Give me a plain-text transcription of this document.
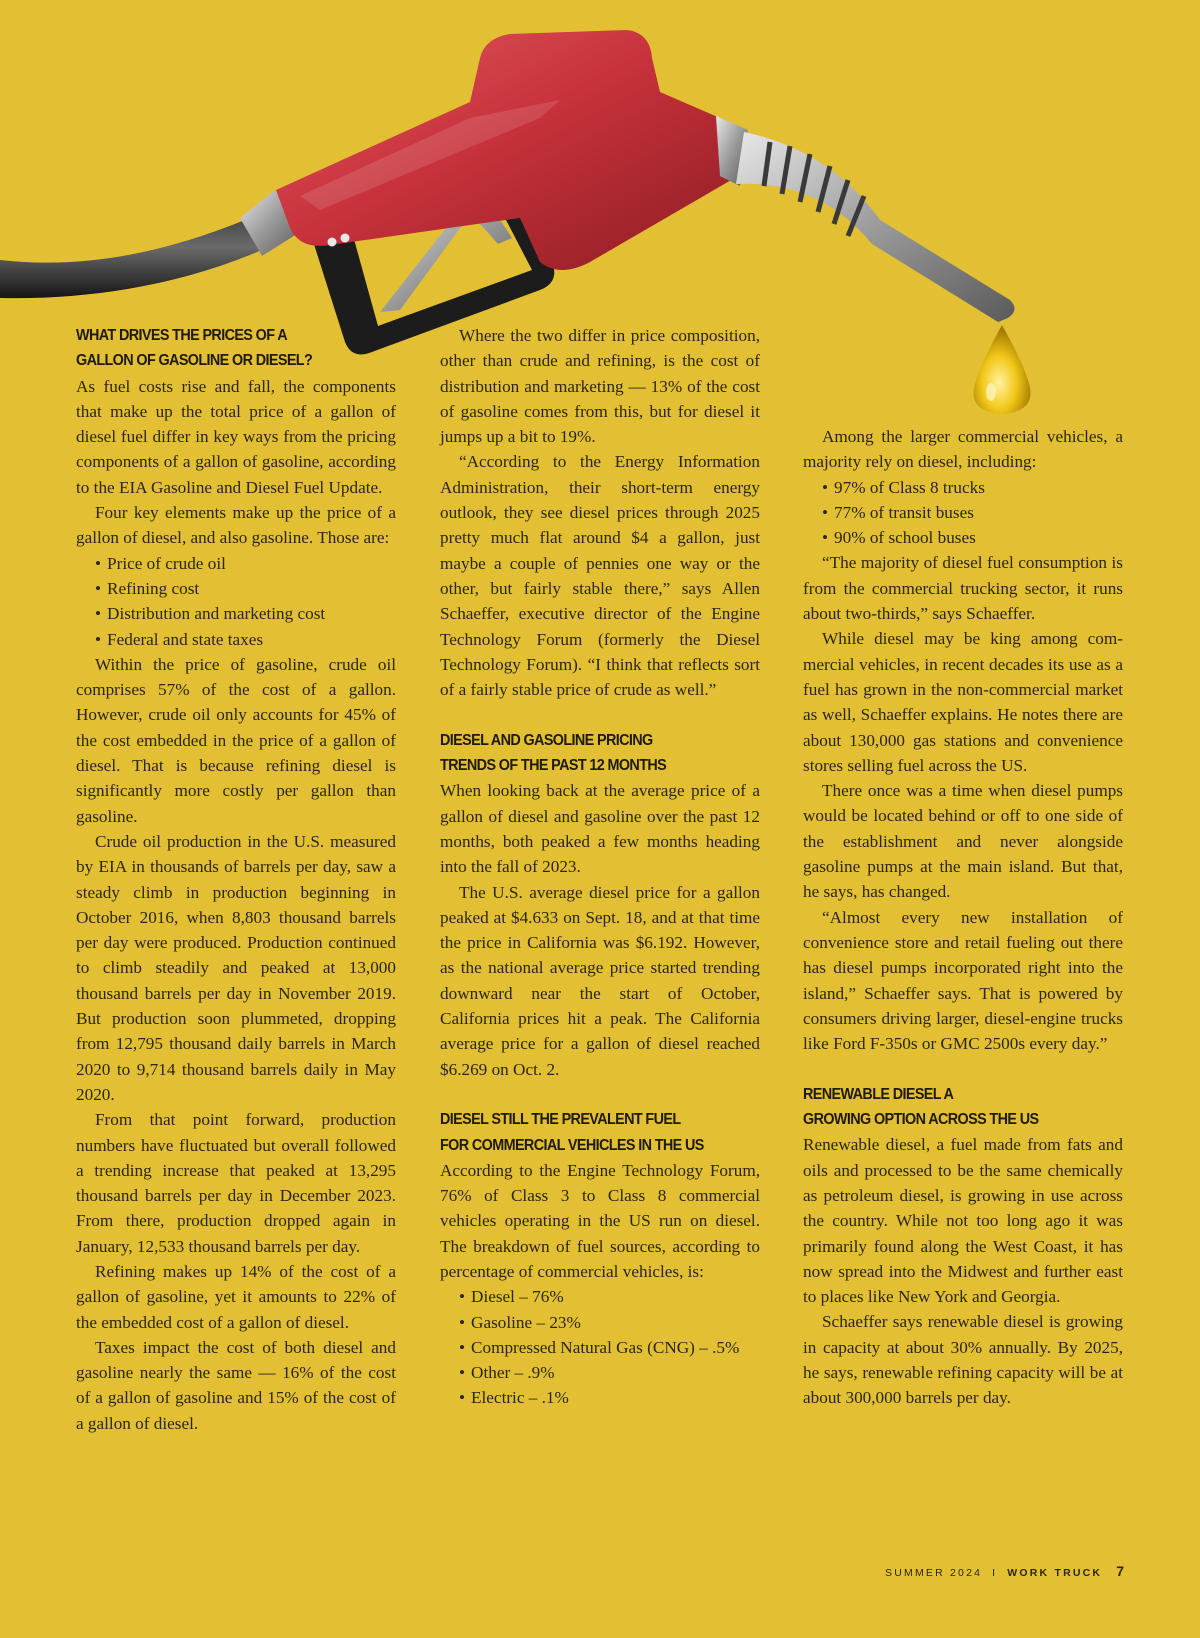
WHAT DRIVES THE PRICES OF A
GALLON OF GASOLINE OR DIESEL?

As fuel costs rise and fall, the components that make up the total price of a gallon of diesel fuel differ in key ways from the pricing components of a gallon of gasoline, according to the EIA Gasoline and Diesel Fuel Update.

Four key elements make up the price of a gallon of diesel, and also gasoline. Those are:

• Price of crude oil
• Refining cost
• Distribution and marketing cost
• Federal and state taxes

Within the price of gasoline, crude oil comprises 57% of the cost of a gallon. However, crude oil only accounts for 45% of the cost embedded in the price of a gallon of diesel. That is because refining diesel is significantly more costly per gallon than gasoline.

Crude oil production in the U.S. measured by EIA in thousands of barrels per day, saw a steady climb in production beginning in October 2016, when 8,803 thousand barrels per day were produced. Production continued to climb steadily and peaked at 13,000 thousand barrels per day in November 2019. But production soon plummeted, dropping from 12,795 thousand daily barrels in March 2020 to 9,714 thousand barrels daily in May 2020.

From that point forward, production numbers have fluctuated but overall followed a trending increase that peaked at 13,295 thousand barrels per day in December 2023. From there, production dropped again in January, 12,533 thousand barrels per day.

Refining makes up 14% of the cost of a gallon of gasoline, yet it amounts to 22% of the embedded cost of a gallon of diesel.

Taxes impact the cost of both diesel and gasoline nearly the same — 16% of the cost of a gallon of gasoline and 15% of the cost of a gallon of diesel.

Where the two differ in price composition, other than crude and refining, is the cost of distribution and marketing — 13% of the cost of gasoline comes from this, but for diesel it jumps up a bit to 19%.

“According to the Energy Information Administration, their short-term energy outlook, they see diesel prices through 2025 pretty much flat around $4 a gallon, just maybe a couple of pennies one way or the other, but fairly stable there,” says Allen Schaeffer, executive director of the Engine Technology Forum (formerly the Diesel Technology Forum). “I think that reflects sort of a fairly stable price of crude as well.”

DIESEL AND GASOLINE PRICING
TRENDS OF THE PAST 12 MONTHS

When looking back at the average price of a gallon of diesel and gasoline over the past 12 months, both peaked a few months heading into the fall of 2023.

The U.S. average diesel price for a gallon peaked at $4.633 on Sept. 18, and at that time the price in California was $6.192. However, as the national average price started trending downward near the start of October, California prices hit a peak. The California average price for a gallon of diesel reached $6.269 on Oct. 2.

DIESEL STILL THE PREVALENT FUEL
FOR COMMERCIAL VEHICLES IN THE US

According to the Engine Technology Forum, 76% of Class 3 to Class 8 commercial vehicles operating in the US run on diesel. The breakdown of fuel sources, according to percentage of commercial vehicles, is:

• Diesel – 76%
• Gasoline – 23%
• Compressed Natural Gas (CNG) – .5%
• Other – .9%
• Electric – .1%

Among the larger commercial vehicles, a majority rely on diesel, including:

• 97% of Class 8 trucks
• 77% of transit buses
• 90% of school buses

“The majority of diesel fuel consumption is from the commercial trucking sector, it runs about two-thirds,” says Schaeffer.

While diesel may be king among commercial vehicles, in recent decades its use as a fuel has grown in the non-commercial market as well, Schaeffer explains. He notes there are about 130,000 gas stations and convenience stores selling fuel across the US.

There once was a time when diesel pumps would be located behind or off to one side of the establishment and never alongside gasoline pumps at the main island. But that, he says, has changed.

“Almost every new installation of convenience store and retail fueling out there has diesel pumps incorporated right into the island,” Schaeffer says. That is powered by consumers driving larger, diesel-engine trucks like Ford F-350s or GMC 2500s every day.”

RENEWABLE DIESEL A
GROWING OPTION ACROSS THE US

Renewable diesel, a fuel made from fats and oils and processed to be the same chemically as petroleum diesel, is growing in use across the country. While not too long ago it was primarily found along the West Coast, it has now spread into the Midwest and further east to places like New York and Georgia.

Schaeffer says renewable diesel is growing in capacity at about 30% annually. By 2025, he says, renewable refining capacity will be at about 300,000 barrels per day.

SUMMER 2024 I WORK TRUCK 7
